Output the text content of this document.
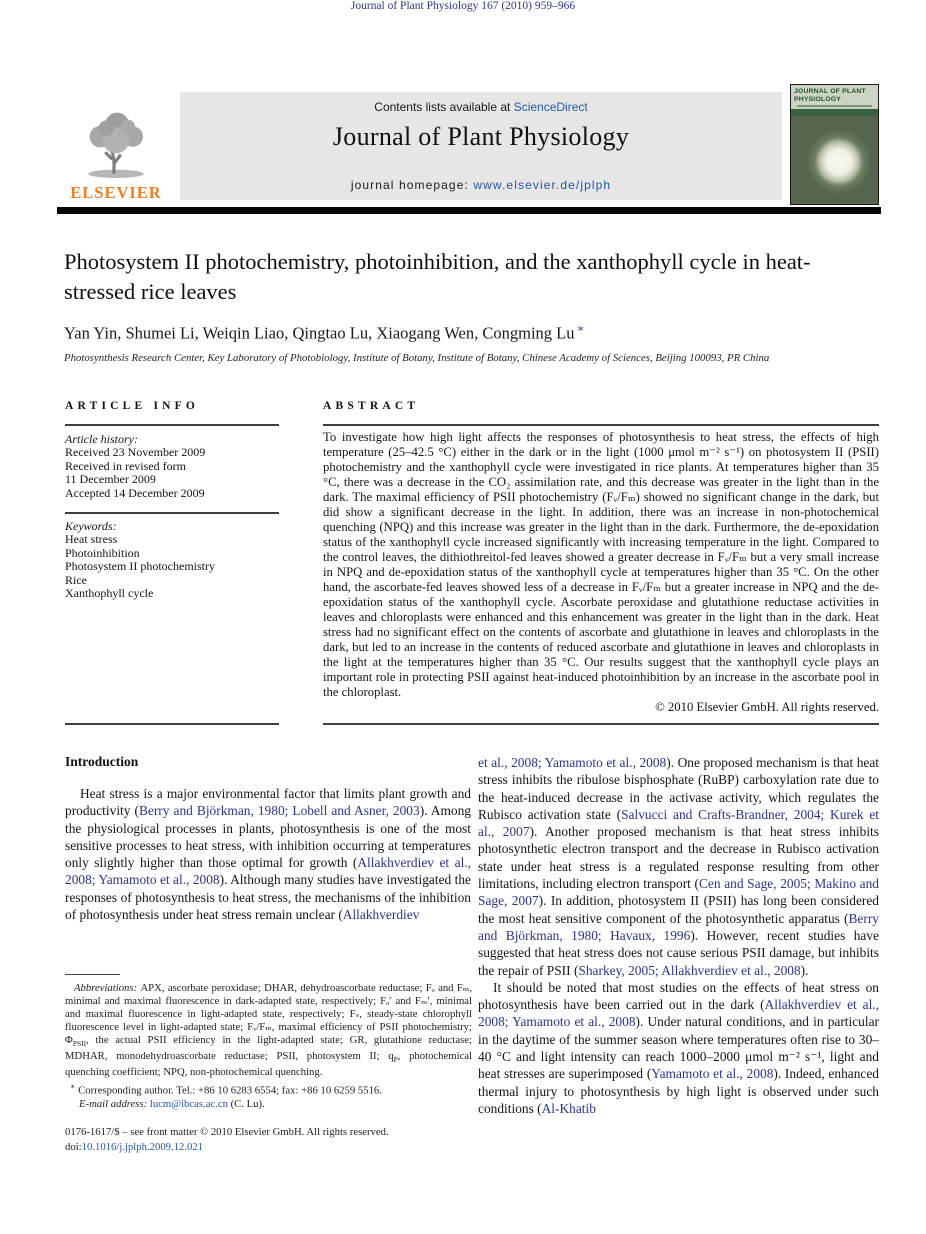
Journal of Plant Physiology 167 (2010) 959–966
ELSEVIER
Contents lists available at ScienceDirect
Journal of Plant Physiology
journal homepage: www.elsevier.de/jplph
JOURNAL OF PLANT PHYSIOLOGY
Photosystem II photochemistry, photoinhibition, and the xanthophyll cycle in heat-stressed rice leaves
Yan Yin, Shumei Li, Weiqin Liao, Qingtao Lu, Xiaogang Wen, Congming Lu ∗
Photosynthesis Research Center, Key Laboratory of Photobiology, Institute of Botany, Institute of Botany, Chinese Academy of Sciences, Beijing 100093, PR China
ARTICLE INFO	ABSTRACT
Article history:
Received 23 November 2009
Received in revised form
11 December 2009
Accepted 14 December 2009
Keywords:
Heat stress
Photoinhibition
Photosystem II photochemistry
Rice
Xanthophyll cycle
To investigate how high light affects the responses of photosynthesis to heat stress, the effects of high temperature (25–42.5 °C) either in the dark or in the light (1000 μmol m⁻² s⁻¹) on photosystem II (PSII) photochemistry and the xanthophyll cycle were investigated in rice plants. At temperatures higher than 35 °C, there was a decrease in the CO₂ assimilation rate, and this decrease was greater in the light than in the dark. The maximal efficiency of PSII photochemistry (Fᵥ/Fₘ) showed no significant change in the dark, but did show a significant decrease in the light. In addition, there was an increase in non-photochemical quenching (NPQ) and this increase was greater in the light than in the dark. Furthermore, the de-epoxidation status of the xanthophyll cycle increased significantly with increasing temperature in the light. Compared to the control leaves, the dithiothreitol-fed leaves showed a greater decrease in Fᵥ/Fₘ but a very small increase in NPQ and de-epoxidation status of the xanthophyll cycle at temperatures higher than 35 °C. On the other hand, the ascorbate-fed leaves showed less of a decrease in Fᵥ/Fₘ but a greater increase in NPQ and the de-epoxidation status of the xanthophyll cycle. Ascorbate peroxidase and glutathione reductase activities in leaves and chloroplasts were enhanced and this enhancement was greater in the light than in the dark. Heat stress had no significant effect on the contents of ascorbate and glutathione in leaves and chloroplasts in the dark, but led to an increase in the contents of reduced ascorbate and glutathione in leaves and chloroplasts in the light at the temperatures higher than 35 °C. Our results suggest that the xanthophyll cycle plays an important role in protecting PSII against heat-induced photoinhibition by an increase in the ascorbate pool in the chloroplast.
© 2010 Elsevier GmbH. All rights reserved.
Introduction
Heat stress is a major environmental factor that limits plant growth and productivity (Berry and Björkman, 1980; Lobell and Asner, 2003). Among the physiological processes in plants, photosynthesis is one of the most sensitive processes to heat stress, with inhibition occurring at temperatures only slightly higher than those optimal for growth (Allakhverdiev et al., 2008; Yamamoto et al., 2008). Although many studies have investigated the responses of photosynthesis to heat stress, the mechanisms of the inhibition of photosynthesis under heat stress remain unclear (Allakhverdiev
et al., 2008; Yamamoto et al., 2008). One proposed mechanism is that heat stress inhibits the ribulose bisphosphate (RuBP) carboxylation rate due to the heat-induced decrease in the activase activity, which regulates the Rubisco activation state (Salvucci and Crafts-Brandner, 2004; Kurek et al., 2007). Another proposed mechanism is that heat stress inhibits photosynthetic electron transport and the decrease in Rubisco activation state under heat stress is a regulated response resulting from other limitations, including electron transport (Cen and Sage, 2005; Makino and Sage, 2007). In addition, photosystem II (PSII) has long been considered the most heat sensitive component of the photosynthetic apparatus (Berry and Björkman, 1980; Havaux, 1996). However, recent studies have suggested that heat stress does not cause serious PSII damage, but inhibits the repair of PSII (Sharkey, 2005; Allakhverdiev et al., 2008).
It should be noted that most studies on the effects of heat stress on photosynthesis have been carried out in the dark (Allakhverdiev et al., 2008; Yamamoto et al., 2008). Under natural conditions, and in particular in the daytime of the summer season where temperatures often rise to 30–40 °C and light intensity can reach 1000–2000 μmol m⁻² s⁻¹, light and heat stresses are superimposed (Yamamoto et al., 2008). Indeed, enhanced thermal injury to photosynthesis by high light is observed under such conditions (Al-Khatib
Abbreviations: APX, ascorbate peroxidase; DHAR, dehydroascorbate reductase; Fₒ and Fₘ, minimal and maximal fluorescence in dark-adapted state, respectively; Fₒ′ and Fₘ′, minimal and maximal fluorescence in light-adapted state, respectively; Fₛ, steady-state chlorophyll fluorescence level in light-adapted state; Fᵥ/Fₘ, maximal efficiency of PSII photochemistry; $\Phi_{PSII}$, the actual PSII efficiency in the light-adapted state; GR, glutathione reductase; MDHAR, monodehydroascorbate reductase; PSII, photosystem II; $q_P$, photochemical quenching coefficient; NPQ, non-photochemical quenching.
∗ Corresponding author. Tel.: +86 10 6283 6554; fax: +86 10 6259 5516.
E-mail address: lucm@ibcas.ac.cn (C. Lu).
0176-1617/$ – see front matter © 2010 Elsevier GmbH. All rights reserved.
doi:10.1016/j.jplph.2009.12.021
